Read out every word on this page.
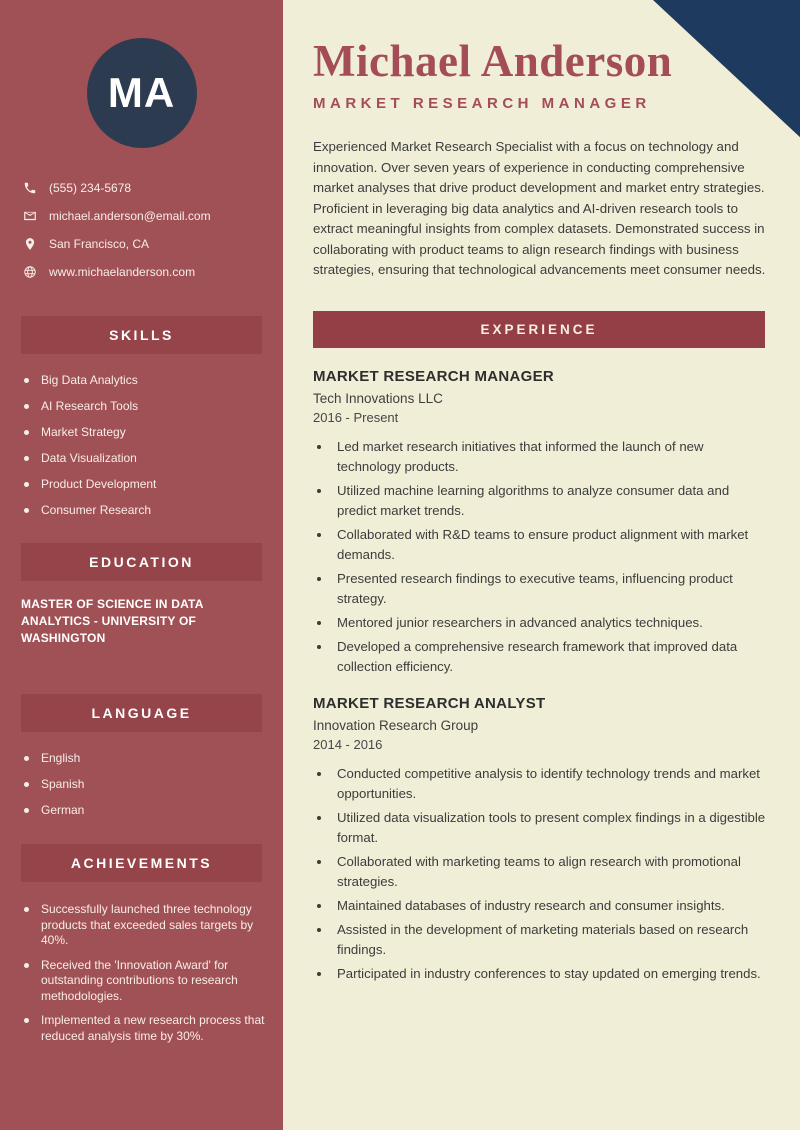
MA
(555) 234-5678
michael.anderson@email.com
San Francisco, CA
www.michaelanderson.com
SKILLS
Big Data Analytics
AI Research Tools
Market Strategy
Data Visualization
Product Development
Consumer Research
EDUCATION
MASTER OF SCIENCE IN DATA ANALYTICS - UNIVERSITY OF WASHINGTON
LANGUAGE
English
Spanish
German
ACHIEVEMENTS
Successfully launched three technology products that exceeded sales targets by 40%.
Received the 'Innovation Award' for outstanding contributions to research methodologies.
Implemented a new research process that reduced analysis time by 30%.
Michael Anderson
MARKET RESEARCH MANAGER

Experienced Market Research Specialist with a focus on technology and innovation. Over seven years of experience in conducting comprehensive market analyses that drive product development and market entry strategies. Proficient in leveraging big data analytics and AI-driven research tools to extract meaningful insights from complex datasets. Demonstrated success in collaborating with product teams to align research findings with business strategies, ensuring that technological advancements meet consumer needs.

EXPERIENCE
MARKET RESEARCH MANAGER
Tech Innovations LLC
2016 - Present
• Led market research initiatives that informed the launch of new technology products.
• Utilized machine learning algorithms to analyze consumer data and predict market trends.
• Collaborated with R&D teams to ensure product alignment with market demands.
• Presented research findings to executive teams, influencing product strategy.
• Mentored junior researchers in advanced analytics techniques.
• Developed a comprehensive research framework that improved data collection efficiency.
MARKET RESEARCH ANALYST
Innovation Research Group
2014 - 2016
• Conducted competitive analysis to identify technology trends and market opportunities.
• Utilized data visualization tools to present complex findings in a digestible format.
• Collaborated with marketing teams to align research with promotional strategies.
• Maintained databases of industry research and consumer insights.
• Assisted in the development of marketing materials based on research findings.
• Participated in industry conferences to stay updated on emerging trends.
